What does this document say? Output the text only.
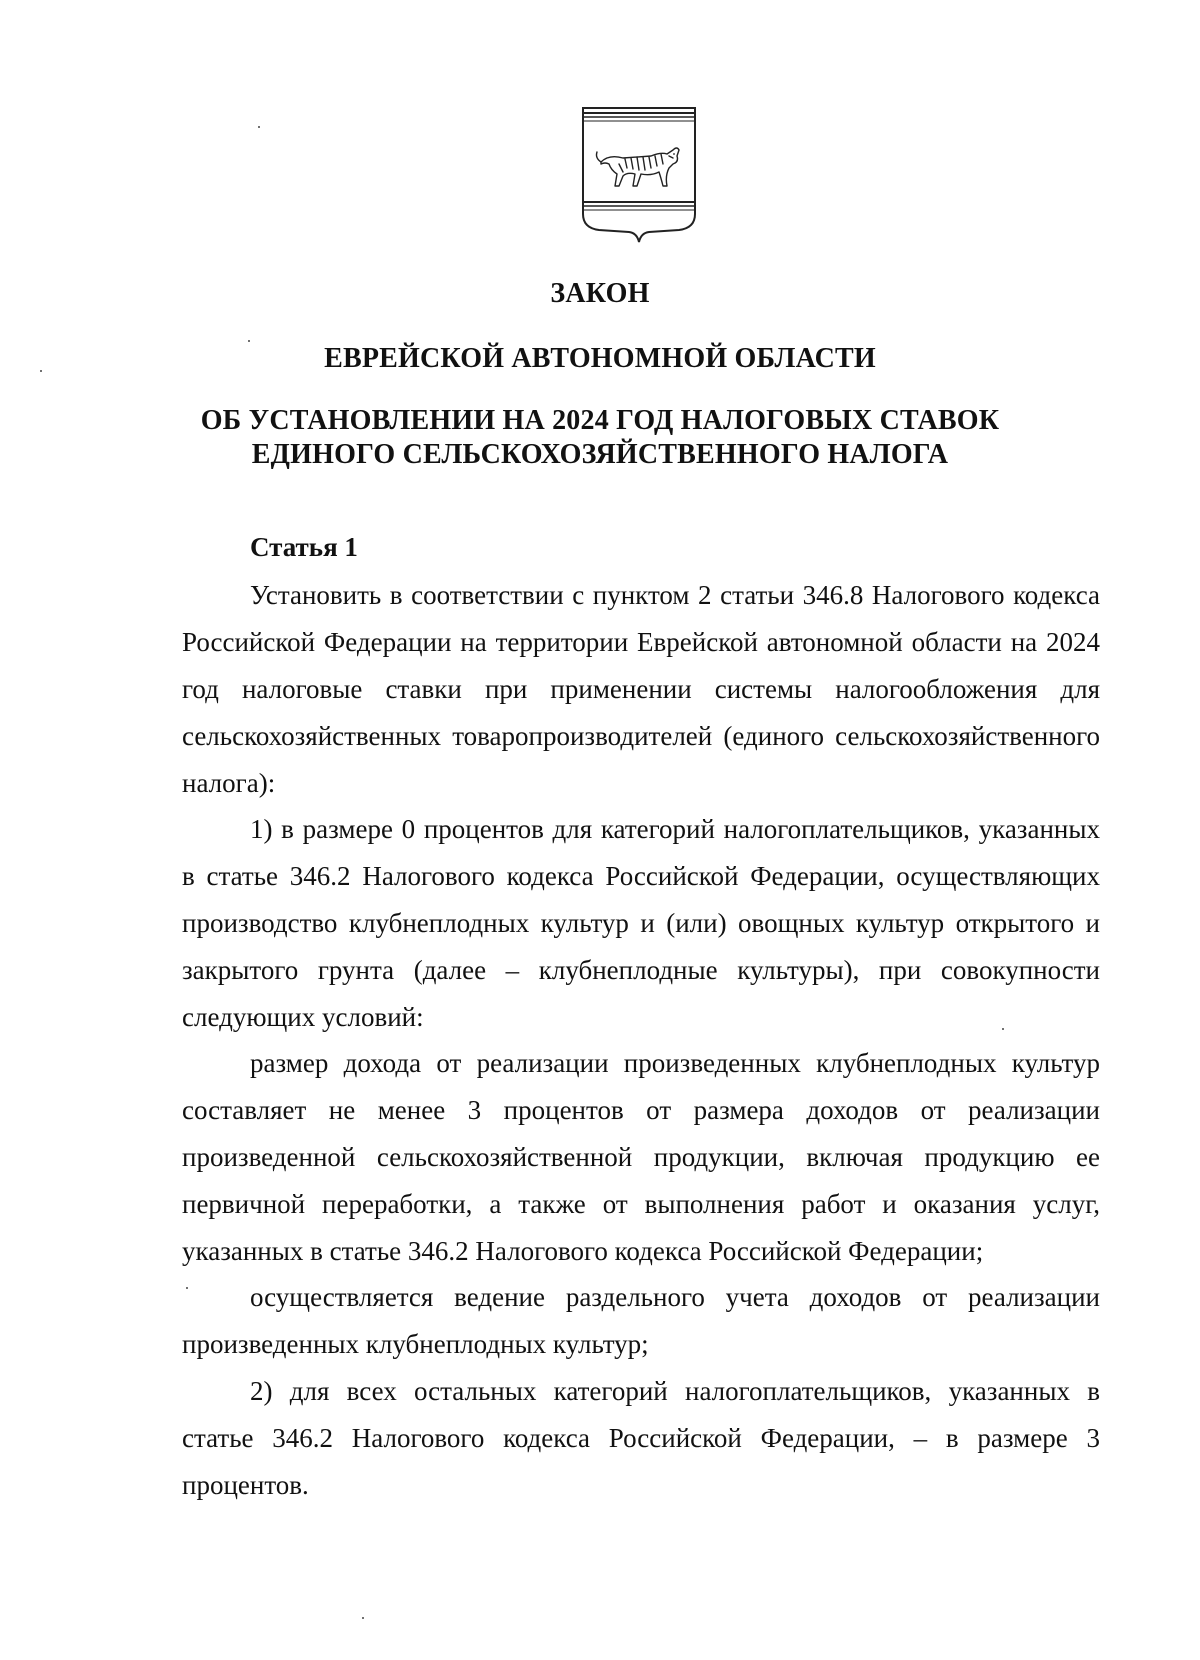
ЗАКОН
ЕВРЕЙСКОЙ АВТОНОМНОЙ ОБЛАСТИ
ОБ УСТАНОВЛЕНИИ НА 2024 ГОД НАЛОГОВЫХ СТАВОК
ЕДИНОГО СЕЛЬСКОХОЗЯЙСТВЕННОГО НАЛОГА
Статья 1

Установить в соответствии с пунктом 2 статьи 346.8 Налогового кодекса Российской Федерации на территории Еврейской автономной области на 2024 год налоговые ставки при применении системы налогообложения для сельскохозяйственных товаропроизводителей (единого сельскохозяйственного налога):

1) в размере 0 процентов для категорий налогоплательщиков, указанных в статье 346.2 Налогового кодекса Российской Федерации, осуществляющих производство клубнеплодных культур и (или) овощных культур открытого и закрытого грунта (далее – клубнеплодные культуры), при совокупности следующих условий:

размер дохода от реализации произведенных клубнеплодных культур составляет не менее 3 процентов от размера доходов от реализации произведенной сельскохозяйственной продукции, включая продукцию ее первичной переработки, а также от выполнения работ и оказания услуг, указанных в статье 346.2 Налогового кодекса Российской Федерации;

осуществляется ведение раздельного учета доходов от реализации произведенных клубнеплодных культур;

2) для всех остальных категорий налогоплательщиков, указанных в статье 346.2 Налогового кодекса Российской Федерации, – в размере 3 процентов.
